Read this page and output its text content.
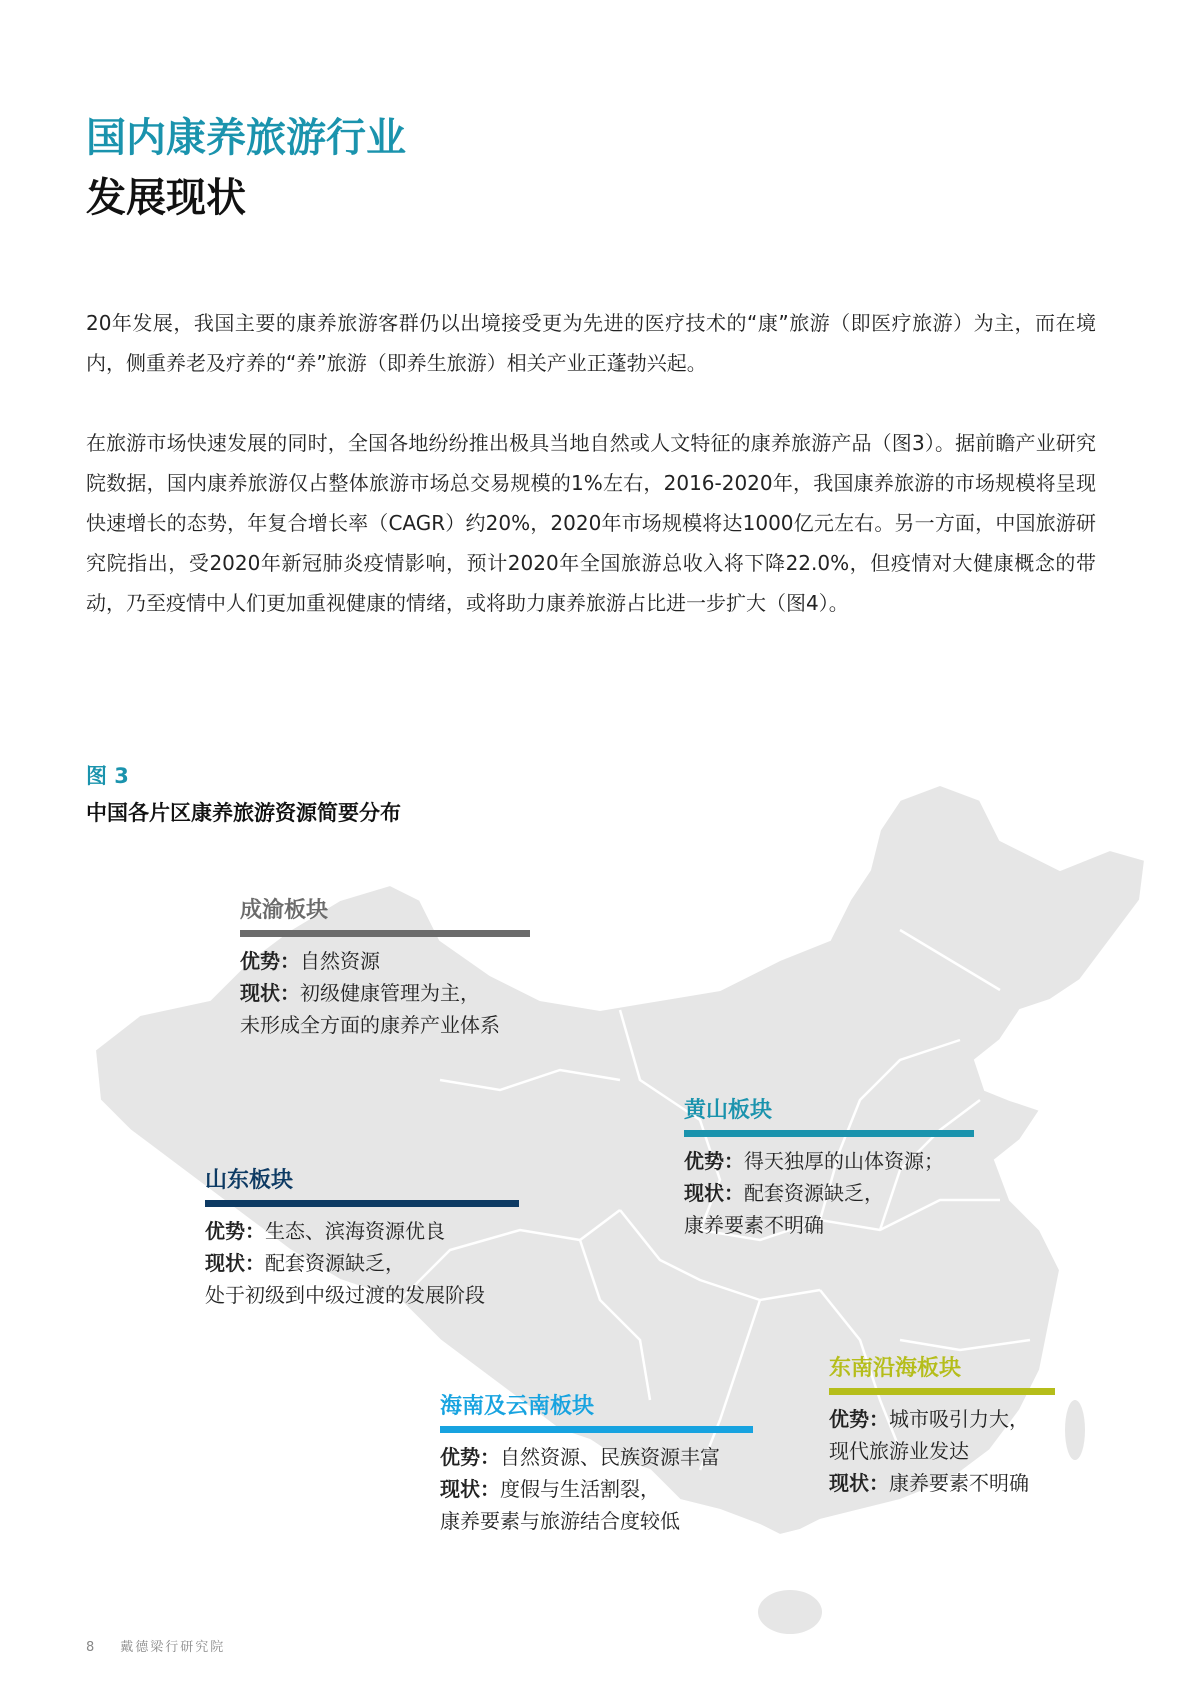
国内康养旅游行业
发展现状
20年发展，我国主要的康养旅游客群仍以出境接受更为先进的医疗技术的“康”旅游（即医疗旅游）为主，而在境内，侧重养老及疗养的“养”旅游（即养生旅游）相关产业正蓬勃兴起。
在旅游市场快速发展的同时，全国各地纷纷推出极具当地自然或人文特征的康养旅游产品（图3）。据前瞻产业研究院数据，国内康养旅游仅占整体旅游市场总交易规模的1%左右，2016-2020年，我国康养旅游的市场规模将呈现快速增长的态势，年复合增长率（CAGR）约20%，2020年市场规模将达1000亿元左右。另一方面，中国旅游研究院指出，受2020年新冠肺炎疫情影响，预计2020年全国旅游总收入将下降22.0%，但疫情对大健康概念的带动，乃至疫情中人们更加重视健康的情绪，或将助力康养旅游占比进一步扩大（图4）。
图 3
中国各片区康养旅游资源简要分布
成渝板块
优势：自然资源
现状：初级健康管理为主，
未形成全方面的康养产业体系
黄山板块
优势：得天独厚的山体资源；
现状：配套资源缺乏，
康养要素不明确
山东板块
优势：生态、滨海资源优良
现状：配套资源缺乏，
处于初级到中级过渡的发展阶段
海南及云南板块
优势：自然资源、民族资源丰富
现状：度假与生活割裂，
康养要素与旅游结合度较低
东南沿海板块
优势：城市吸引力大，
现代旅游业发达
现状：康养要素不明确
8 戴德梁行研究院
